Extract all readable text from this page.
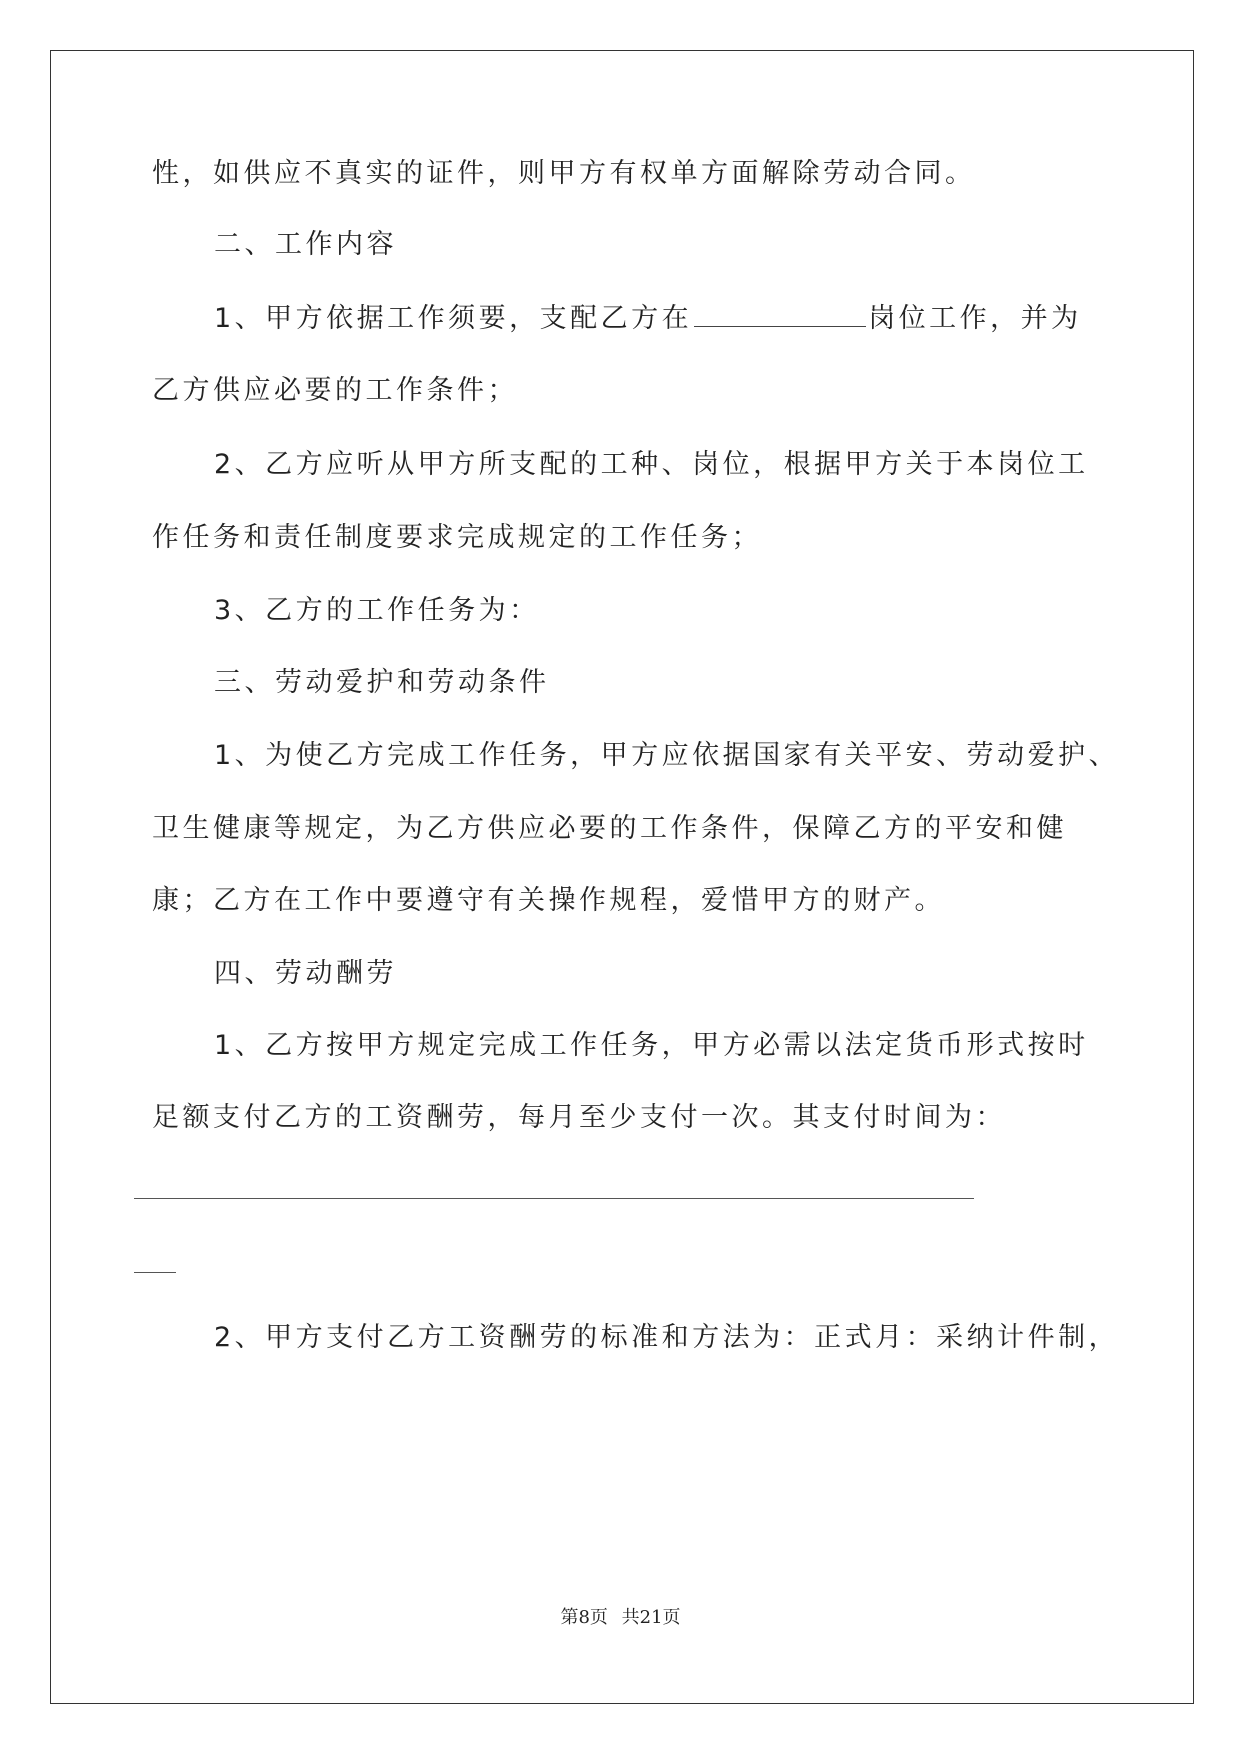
性，如供应不真实的证件，则甲方有权单方面解除劳动合同。
二、工作内容
1、甲方依据工作须要，支配乙方在	岗位工作，并为
乙方供应必要的工作条件；
2、乙方应听从甲方所支配的工种、岗位，根据甲方关于本岗位工
作任务和责任制度要求完成规定的工作任务；
3、乙方的工作任务为：
三、劳动爱护和劳动条件
1、为使乙方完成工作任务，甲方应依据国家有关平安、劳动爱护、
卫生健康等规定，为乙方供应必要的工作条件，保障乙方的平安和健
康；乙方在工作中要遵守有关操作规程，爱惜甲方的财产。
四、劳动酬劳
1、乙方按甲方规定完成工作任务，甲方必需以法定货币形式按时
足额支付乙方的工资酬劳，每月至少支付一次。其支付时间为：
2、甲方支付乙方工资酬劳的标准和方法为：正式月：采纳计件制，
第8页 共21页
